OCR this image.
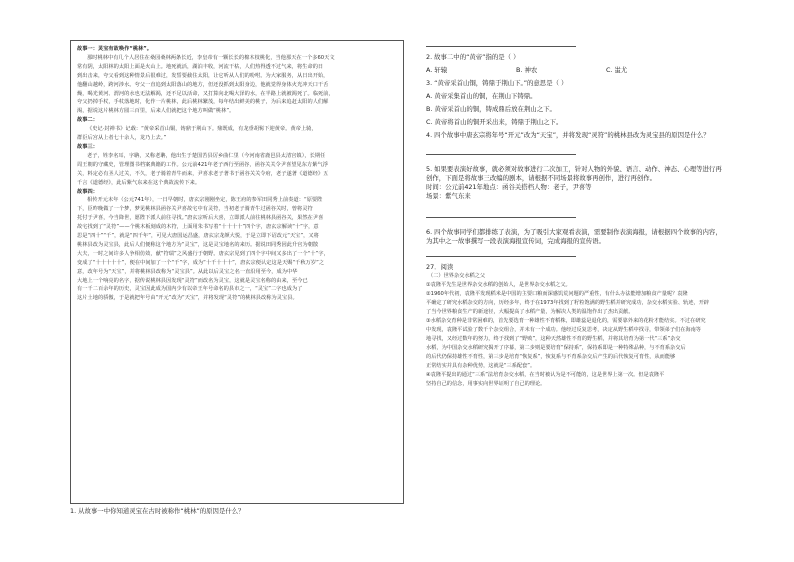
故事一：灵宝有故唤作“桃林”。

那时桃林中有几个人居住在桑园桑林两条长近，李皇帝有一颗长长的棉木枝桃化，当他那天在一个多60天文

常有阴，太阳林的太阳上面是火山上。地死就活，湖泊丰收，河流干枯，人们热得透不过气来，将生命的日

到出击来，夸父看到这种情景后很难过，发誓要截住太阳，让它听从人们的吩咐。为大家服务，从日出开始，

他翻山越岭，跨河涉水。夸父一直追到太阳落山的地方，但还没抓到太阳身边，他就觉得身体火光冲天口干舌

燥，喝光黄河、渭河的水也无法解渴，还不足以活命，又打算向北喝大泽的水，在半路上就被渴死了。临死前，

夸父扔掉手杖，手杖落地时，化作一片桃林，此后桃林繁茂，每年结出鲜美的桃子，为后来追赶太阳的人们解

渴，据说这片桃林方圆三百里，后来人们就把这个地方叫做“桃林”。

故事二：

《史记·封禅书》记载：“黄帝采首山铜，铸鼎于荆山下。鼎既成，有龙垂胡髯下迎黄帝。黄帝上骑，

群臣后宫从上者七十余人，龙乃上去。”

故事三：

老子，姓李名耳，字聃，又称老聃，他出生于楚国苦县厉乡曲仁里（今河南省鹿邑县太清宫镇），长期任

周王朝的守藏史，管理图书档案典籍的工作。公元前421年老子西行至函谷，函谷关关令尹喜望见东方紫气浮

关，料定必有圣人过关，不久，老子骑着青牛而来，尹喜求老子著书于函谷关关令府，老子遂著《道德经》五

千言《道德经》，此后紫气东来在这个典故流传下来。

故事四：

相传开元末年（公元741年），一日早朝时，唐玄宗刚刚坐定，陈王府的参军田同秀上前奏道：“原要陛

下，臣昨晚做了一个梦，梦见桃林县函谷关尹喜故宅中有灵符，当初老子骑青牛过函谷关时，曾将灵符

托付于尹喜，今当降世，愿陛下派人前往寻找。”唐玄宗听后大喜，立即派人前往桃林县函谷关，果然在尹喜

故宅找到了“灵符”——个桃木板刻成的木符，上面用朱书写着“十十十十”四个字，唐玄宗解读“十”字，意

思是“四十”“千”，就是“四千年”，可见大唐国运昌盛，唐玄宗龙颜大悦，于是立即下诏改元“天宝”，又将

桃林县改为灵宝县，此后人们便称这个地方为“灵宝”，这是灵宝地名的来历。据说田同秀因此升官为朝散

大夫，一时之间许多人争相仿效，献“符瑞”之风盛行于朝野。唐玄宗见到了四个字中间又多出了一个“十”字，

变成了“十十十十十”，便在中间加了一个“千”字，成为“十千十十十”，唐玄宗便认定这是天赐“千秋万岁”之

意，改年号为“天宝”，并将桃林县改称为“灵宝县”。从此以后灵宝之名一直沿用至今，成为中华

大地上一个响亮的名字，据传说桃林县因发现“灵符”而改名为灵宝，这就是灵宝名称的由来，至今已

有一千二百余年的历史，灵宝因此成为国内少有以帝王年号命名的县市之一，“灵宝”二字也成为了

这片土地的骄傲，于是就把年号由“开元”改为“天宝”，并将发现“灵符”的桃林县改称为灵宝县。

1. 从故事一中你知道灵宝在古时被称作“桃林”的原因是什么？

2. 故事二中的“黄帝”指的是（ ）

A. 轩辕	B. 神农	C. 蚩尤

3. “黄帝采首山铜，铸鼎于荆山下。”的意思是（ ）

A. 黄帝采集首山的铜，在荆山下铸鼎。

B. 黄帝采首山的铜，铸成鼎后放在荆山之下。

C. 黄帝将首山的铜开采出来，铸鼎于荆山之下。

4. 四个故事中唐玄宗将年号“开元”改为“天宝”，并将发现“灵符”的桃林县改为灵宝县的原因是什么？

5. 如果要表演好故事，就必须对故事进行二次加工，针对人物的外貌、语言、动作、神态、心理等进行再

创作，下面是将故事三改编的剧本，请根据不同场景将故事再创作，进行再创作。

时间：公元前421年地点：函谷关搭档人物：老子，尹喜等

场景：紫气东来

6. 四个故事同学们都排练了表演，为了吸引大家观看表演，需要制作表演海报，请根据四个故事的内容，

为其中之一故事撰写一段表演海报宣传词，完成海报的宣传语。

27．阅读

（二）世界杂交水稻之父

①袁隆平先生是世界杂交水稻的创始人，是世界杂交水稻之父。

②1960年代初，袁隆平发现稻米是中国的主要口粮而深感饥荒问题的严重性，有什么办法能增加粮食产量呢？袁隆

平确定了研究水稻杂交的方向，历经多年，终于在1973年找到了籽粒饱满的野生稻并研究成功，杂交水稻实验、轨迹，开辟

了当今世界粮食生产的新途径，大幅提高了水稻产量，为解决人类的温饱作出了杰出贡献。

③水稻杂交育种是非常困难的，首先要选育一种雄性不育稻株，即雄蕊是退化的，需要靠外来的花粉才能结实。不过在研究

中发现，袁隆平试验了数千个杂交组合，并未有一个成功。他经过反复思考，决定从野生稻中找寻，带领弟子们在海南等

地寻找，又经过数年的努力，终于找到了“野败”，这种天然雄性不育的野生稻，并将其培育为第一代“三系”杂交

水稻，为中国杂交水稻研究揭开了序幕，第二步则是要培育“保持系”，保持系即是一种特殊品种，与不育系杂交后

的后代仍保持雄性不育性，第三步是培育“恢复系”，恢复系与不育系杂交后产生的后代恢复可育性，从而能够

正常结实并具有杂种优势，这就是“三系配套”。

④袁隆平提出的通过“三系”法培育杂交水稻，在当时被认为是不可能的，这是世界上第一次。但是袁隆平

坚持自己的信念，用事实向世界证明了自己的理论。
